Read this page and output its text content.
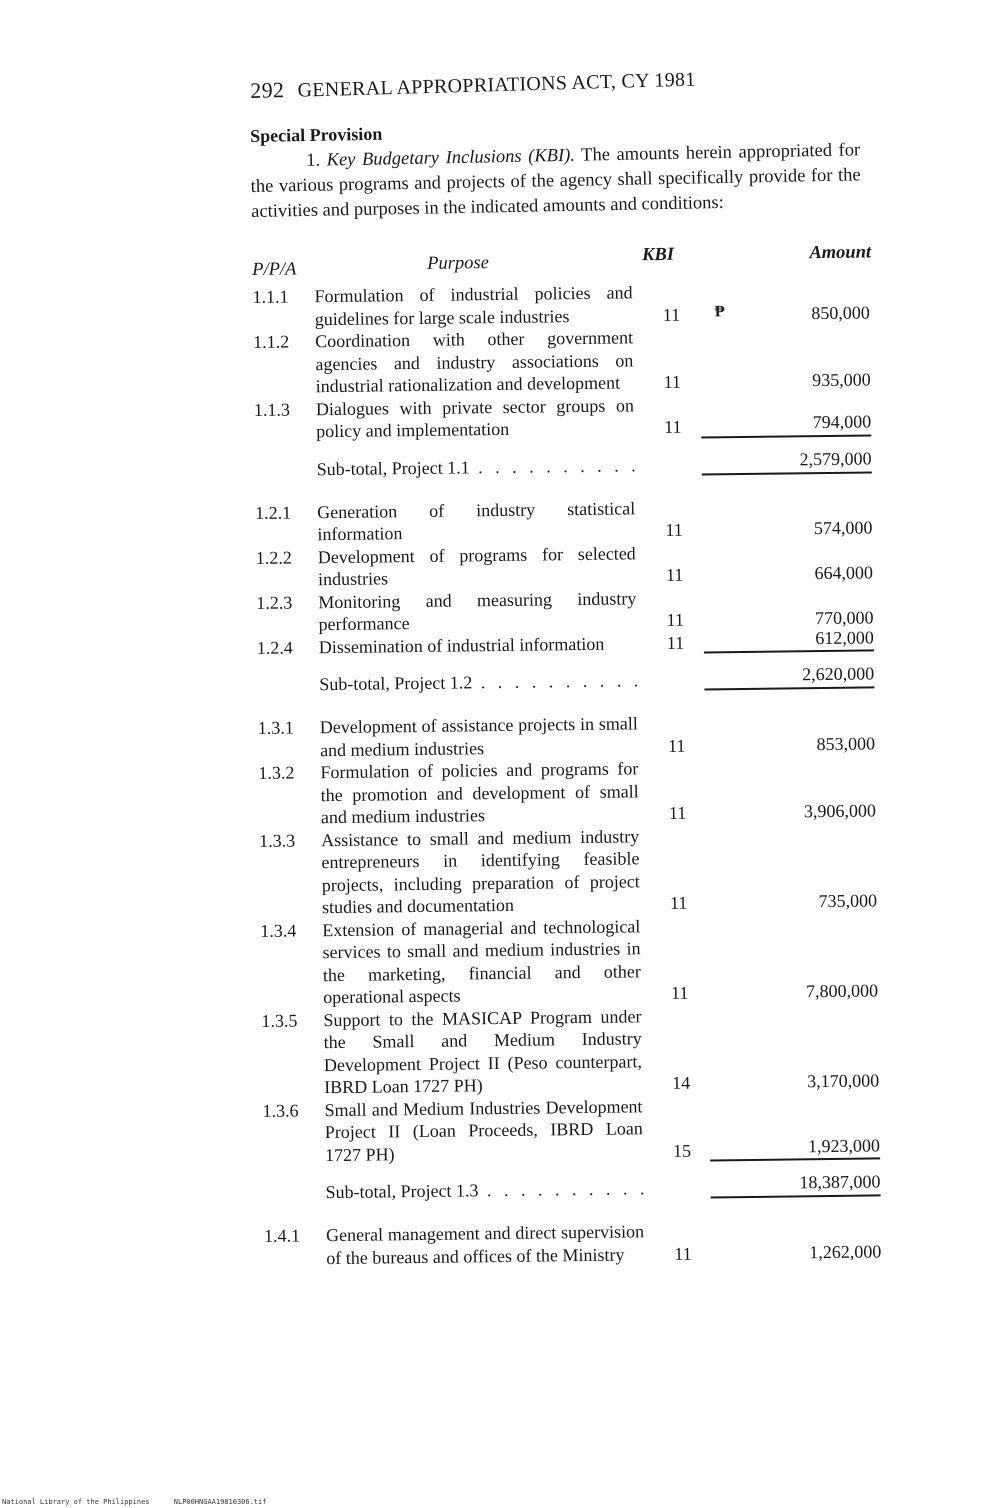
292 GENERAL APPROPRIATIONS ACT, CY 1981
Special Provision
1. Key Budgetary Inclusions (KBI). The amounts herein appropriated for the various programs and projects of the agency shall specifically provide for the activities and purposes in the indicated amounts and conditions:
P/P/A	Purpose	KBI	Amount
1.1.1	Formulation of industrial policies and guidelines for large scale industries	11 ₱	850,000
1.1.2	Coordination with other government agencies and industry associations on industrial rationalization and development	11	935,000
1.1.3	Dialogues with private sector groups on policy and implementation	11	794,000
Sub-total, Project 1.1 . . . . . . . . . .	2,579,000
1.2.1	Generation of industry statistical information	11	574,000
1.2.2	Development of programs for selected industries	11	664,000
1.2.3	Monitoring and measuring industry performance	11	770,000
1.2.4	Dissemination of industrial information	11	612,000
Sub-total, Project 1.2 . . . . . . . . . .	2,620,000
1.3.1	Development of assistance projects in small and medium industries	11	853,000
1.3.2	Formulation of policies and programs for the promotion and development of small and medium industries	11	3,906,000
1.3.3	Assistance to small and medium industry entrepreneurs in identifying feasible projects, including preparation of project studies and documentation	11	735,000
1.3.4	Extension of managerial and technological services to small and medium industries in the marketing, financial and other operational aspects	11	7,800,000
1.3.5	Support to the MASICAP Program under the Small and Medium Industry Development Project II (Peso counterpart, IBRD Loan 1727 PH)	14	3,170,000
1.3.6	Small and Medium Industries Development Project II (Loan Proceeds, IBRD Loan 1727 PH)	15	1,923,000
Sub-total, Project 1.3 . . . . . . . . . .	18,387,000
1.4.1	General management and direct supervision of the bureaus and offices of the Ministry	11	1,262,000
National Library of the Philippines	NLP00HNGAA19810306.tif
